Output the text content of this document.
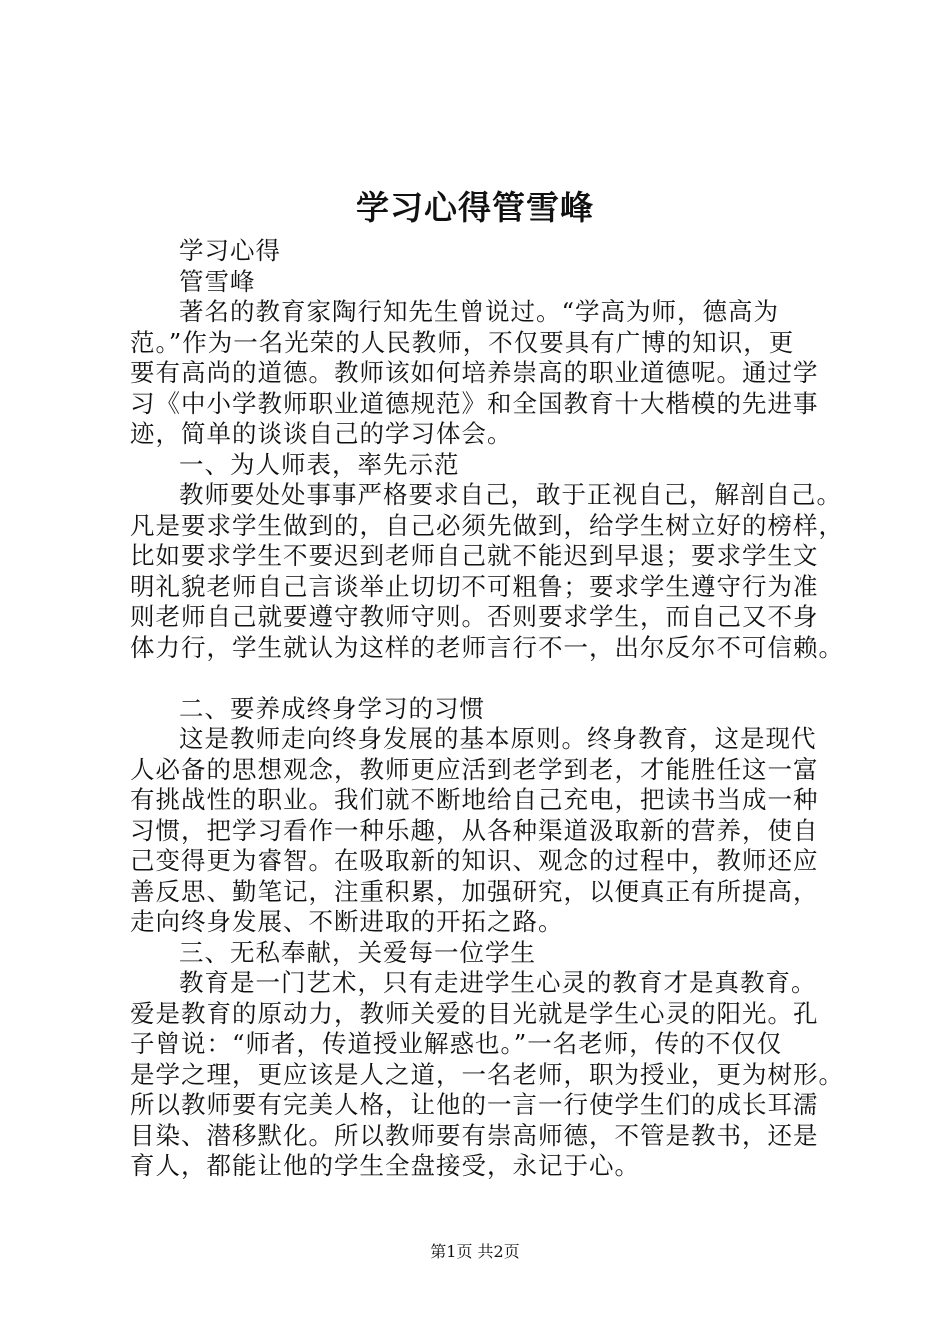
学习心得管雪峰
学习心得
管雪峰
著名的教育家陶行知先生曾说过。“学高为师，德高为
范。”作为一名光荣的人民教师，不仅要具有广博的知识，更
要有高尚的道德。教师该如何培养崇高的职业道德呢。通过学
习《中小学教师职业道德规范》和全国教育十大楷模的先进事
迹，简单的谈谈自己的学习体会。
一、为人师表，率先示范
教师要处处事事严格要求自己，敢于正视自己，解剖自己。
凡是要求学生做到的，自己必须先做到，给学生树立好的榜样，
比如要求学生不要迟到老师自己就不能迟到早退；要求学生文
明礼貌老师自己言谈举止切切不可粗鲁；要求学生遵守行为准
则老师自己就要遵守教师守则。否则要求学生，而自己又不身
体力行，学生就认为这样的老师言行不一，出尔反尔不可信赖。
二、要养成终身学习的习惯
这是教师走向终身发展的基本原则。终身教育，这是现代
人必备的思想观念，教师更应活到老学到老，才能胜任这一富
有挑战性的职业。我们就不断地给自己充电，把读书当成一种
习惯，把学习看作一种乐趣，从各种渠道汲取新的营养，使自
己变得更为睿智。在吸取新的知识、观念的过程中，教师还应
善反思、勤笔记，注重积累，加强研究，以便真正有所提高，
走向终身发展、不断进取的开拓之路。
三、无私奉献，关爱每一位学生
教育是一门艺术，只有走进学生心灵的教育才是真教育。
爱是教育的原动力，教师关爱的目光就是学生心灵的阳光。孔
子曾说：“师者，传道授业解惑也。”一名老师，传的不仅仅
是学之理，更应该是人之道，一名老师，职为授业，更为树形。
所以教师要有完美人格，让他的一言一行使学生们的成长耳濡
目染、潜移默化。所以教师要有崇高师德，不管是教书，还是
育人，都能让他的学生全盘接受，永记于心。
第1页 共2页
